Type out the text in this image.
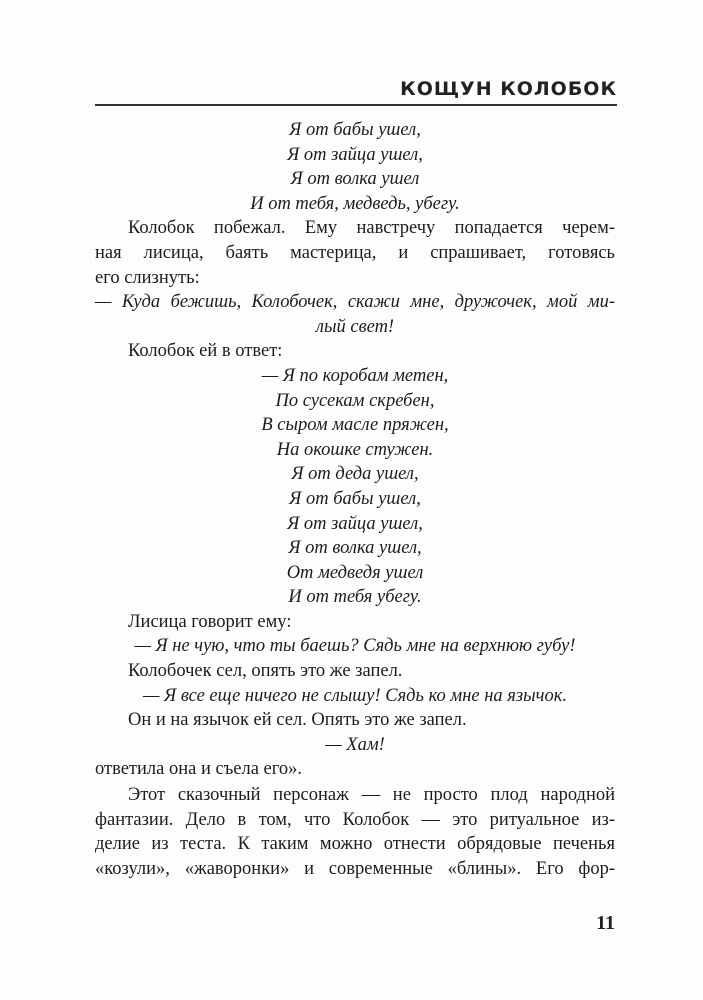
КОЩУН КОЛОБОК
Я от бабы ушел,
Я от зайца ушел,
Я от волка ушел
И от тебя, медведь, убегу.
Колобок побежал. Ему навстречу попадается черем-
ная лисица, баять мастерица, и спрашивает, готовясь
его слизнуть:
— Куда бежишь, Колобочек, скажи мне, дружочек, мой ми-
лый свет!
Колобок ей в ответ:
— Я по коробам метен,
По сусекам скребен,
В сыром масле пряжен,
На окошке стужен.
Я от деда ушел,
Я от бабы ушел,
Я от зайца ушел,
Я от волка ушел,
От медведя ушел
И от тебя убегу.
Лисица говорит ему:
— Я не чую, что ты баешь? Сядь мне на верхнюю губу!
Колобочек сел, опять это же запел.
— Я все еще ничего не слышу! Сядь ко мне на язычок.
Он и на язычок ей сел. Опять это же запел.
— Хам!
ответила она и съела его».
Этот сказочный персонаж — не просто плод народной
фантазии. Дело в том, что Колобок — это ритуальное из-
делие из теста. К таким можно отнести обрядовые печенья
«козули», «жаворонки» и современные «блины». Его фор-
11
